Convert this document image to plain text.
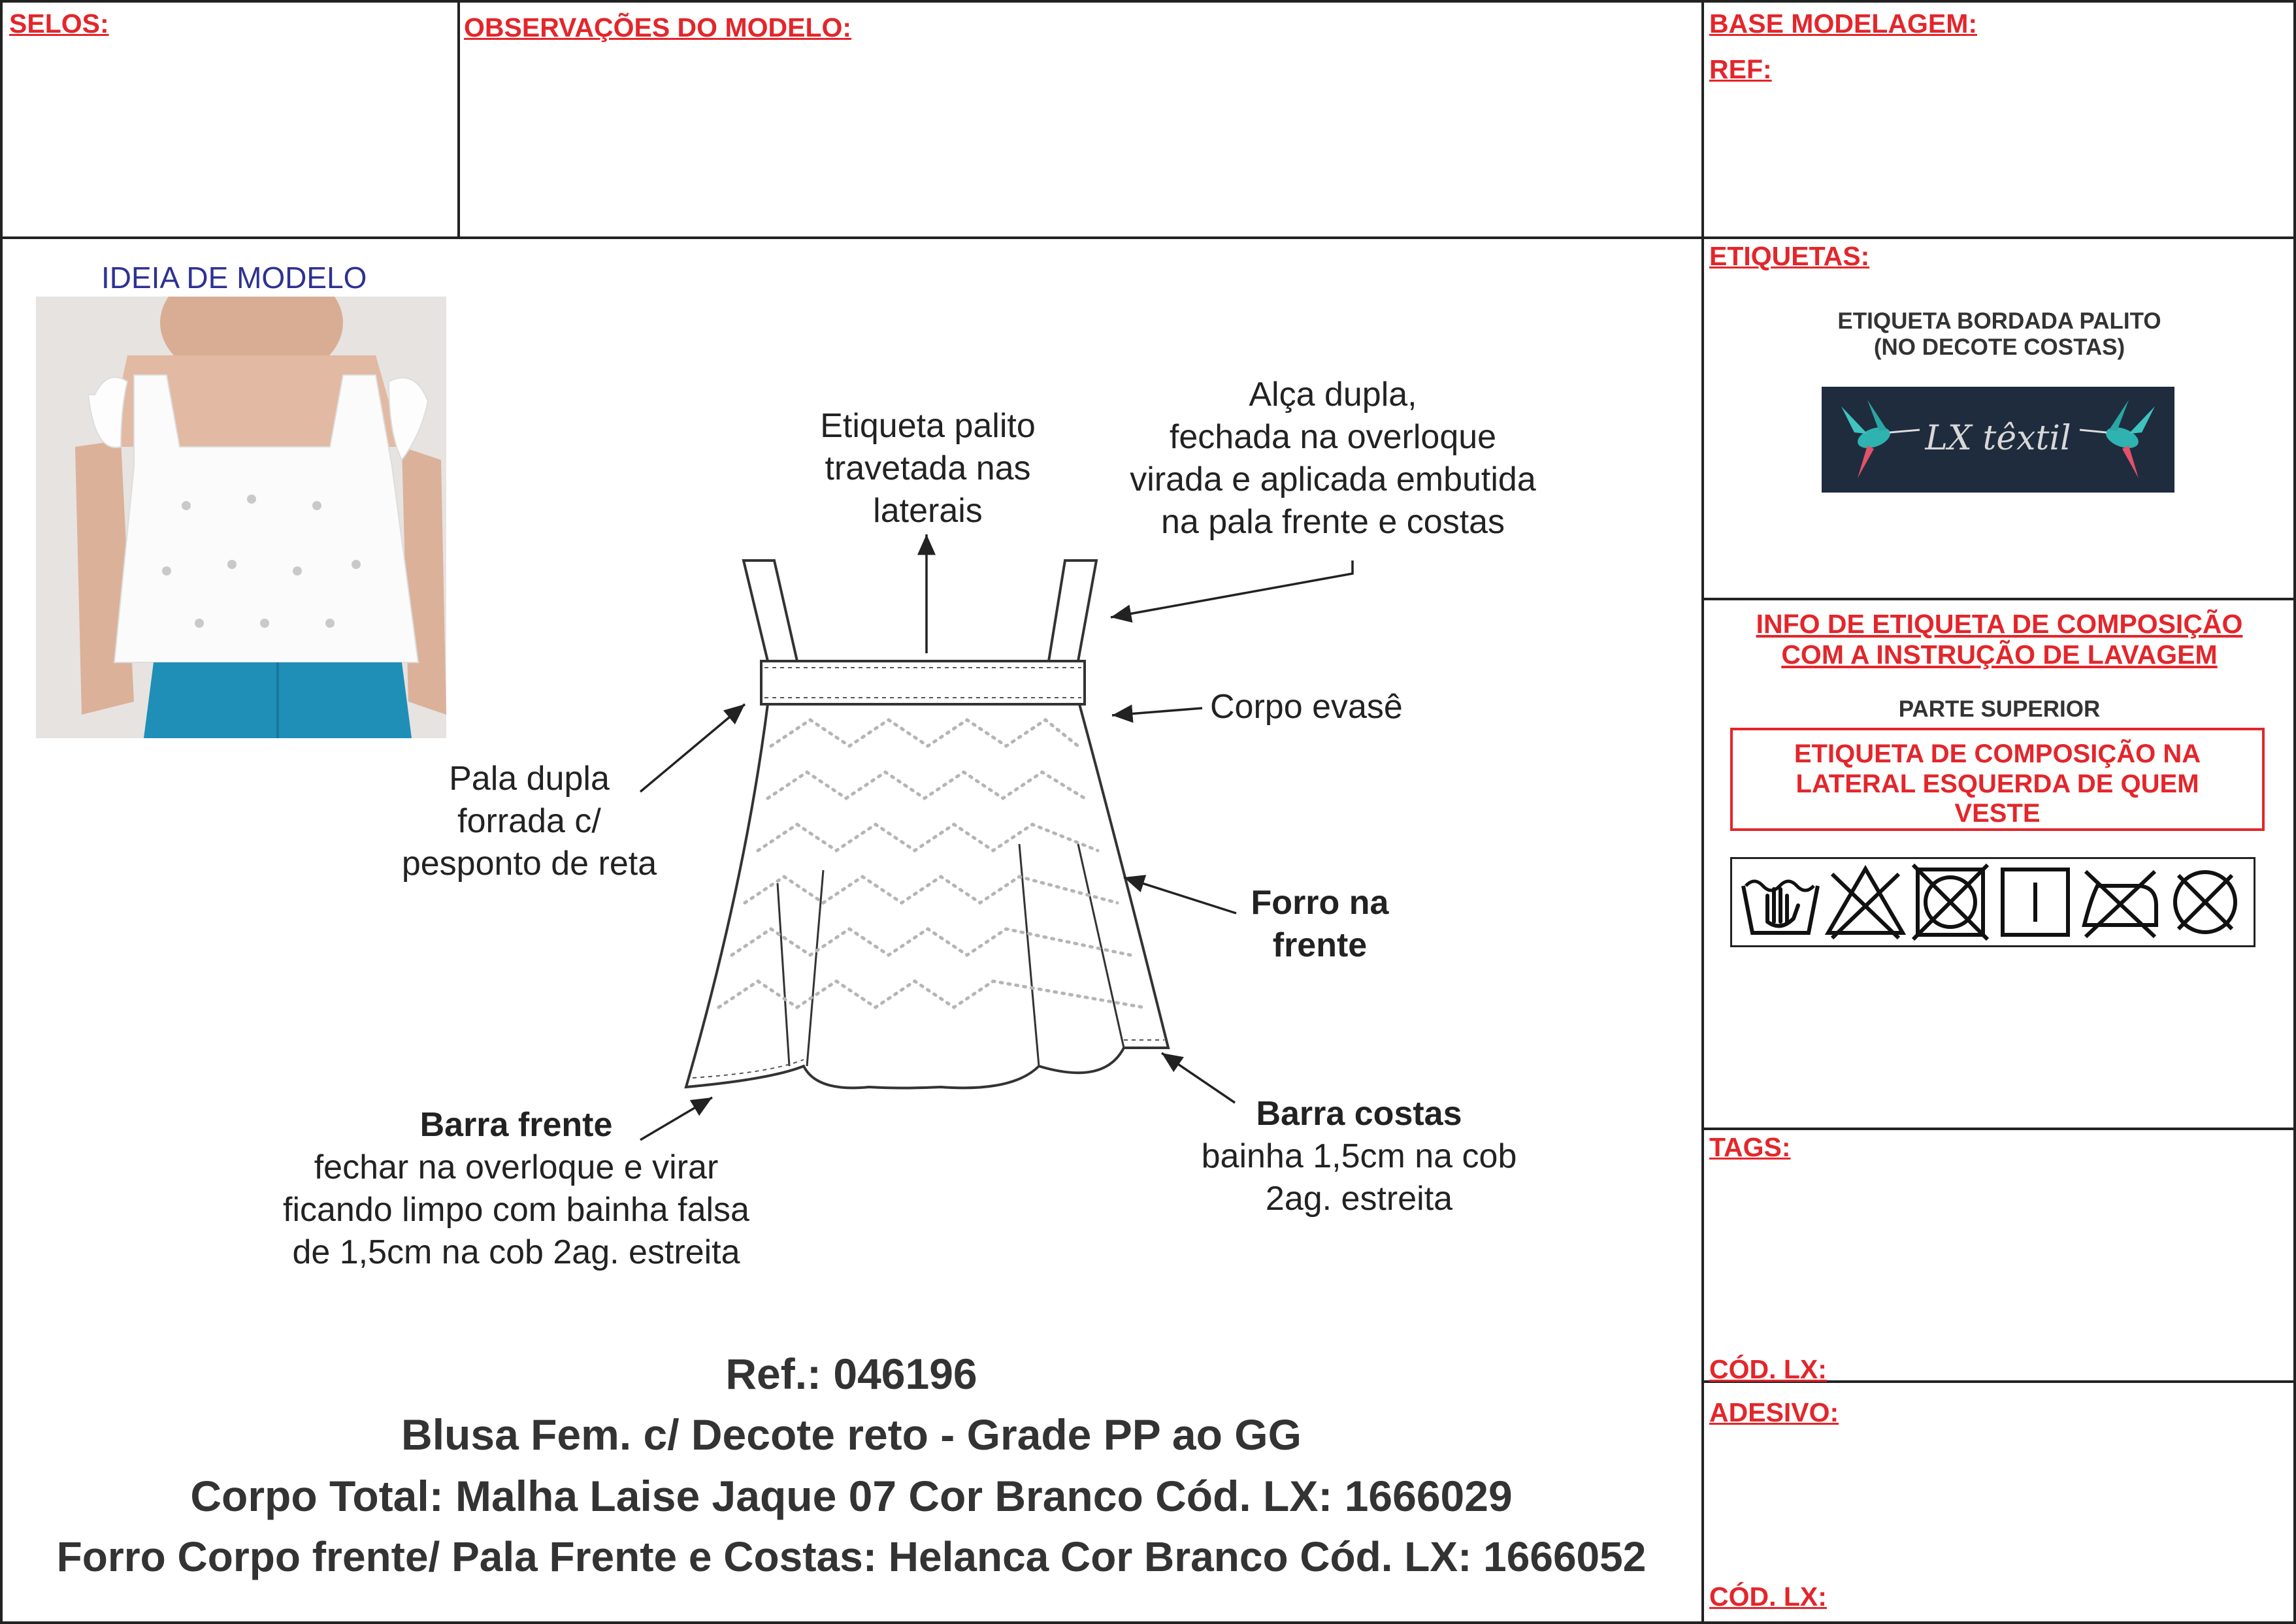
SELOS:	OBSERVAÇÕES DO MODELO:	BASE MODELAGEM:
REF:
ETIQUETAS:
TAGS:
CÓD. LX:
ADESIVO:
CÓD. LX:
IDEIA DE MODELO
Etiqueta palito
travetada nas
laterais
Alça dupla,
fechada na overloque
virada e aplicada embutida
na pala frente e costas
Corpo evasê
Pala dupla
forrada c/
pesponto de reta
Forro na
frente
Barra frente
fechar na overloque e virar
ficando limpo com bainha falsa
de 1,5cm na cob 2ag. estreita
Barra costas
bainha 1,5cm na cob
2ag. estreita
Ref.: 046196
Blusa Fem. c/ Decote reto - Grade PP ao GG
Corpo Total: Malha Laise Jaque 07 Cor Branco Cód. LX: 1666029
Forro Corpo frente/ Pala Frente e Costas: Helanca Cor Branco Cód. LX: 1666052
ETIQUETA BORDADA PALITO
(NO DECOTE COSTAS)
LX têxtil
INFO DE ETIQUETA DE COMPOSIÇÃO
COM A INSTRUÇÃO DE LAVAGEM
PARTE SUPERIOR
ETIQUETA DE COMPOSIÇÃO NA
LATERAL ESQUERDA DE QUEM
VESTE
